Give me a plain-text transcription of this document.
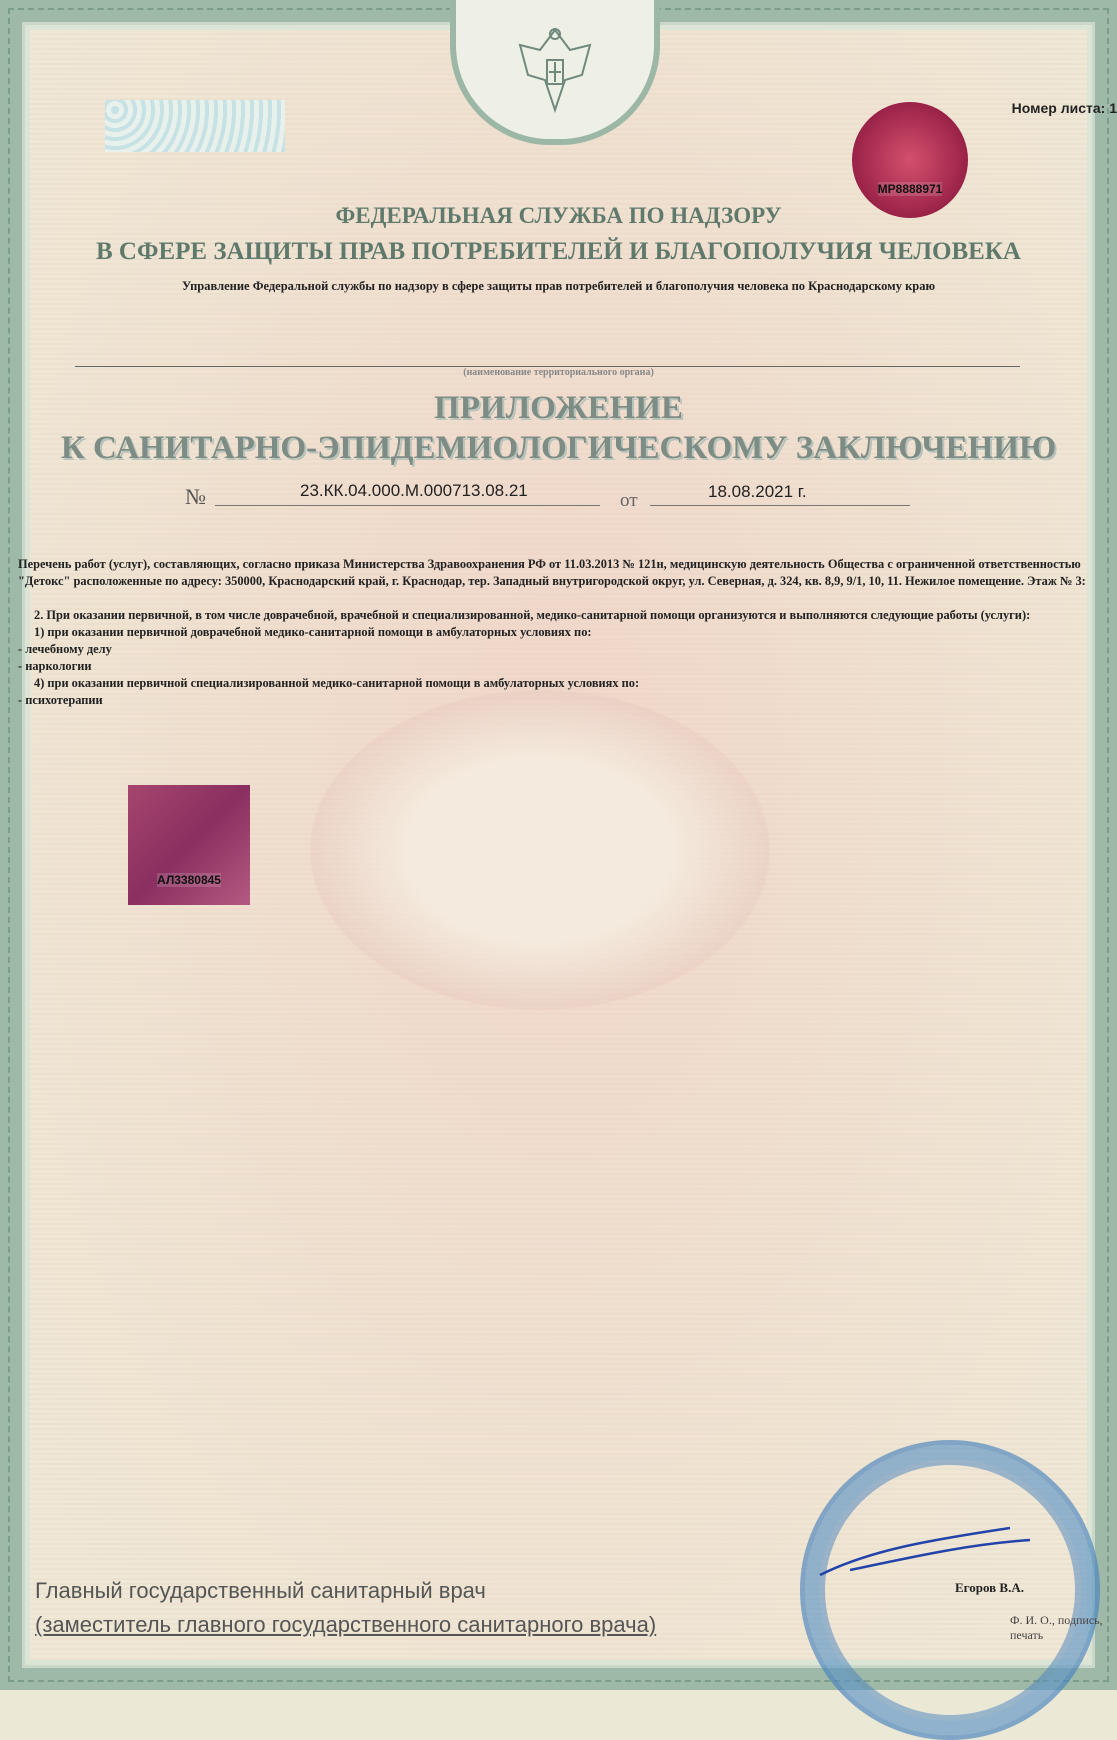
Номер листа: 1
MP8888971
ФЕДЕРАЛЬНАЯ СЛУЖБА ПО НАДЗОРУ
В СФЕРЕ ЗАЩИТЫ ПРАВ ПОТРЕБИТЕЛЕЙ И БЛАГОПОЛУЧИЯ ЧЕЛОВЕКА
Управление Федеральной службы по надзору в сфере защиты прав потребителей и благополучия человека по Краснодарскому краю
(наименование территориального органа)
ПРИЛОЖЕНИЕ
К САНИТАРНО-ЭПИДЕМИОЛОГИЧЕСКОМУ ЗАКЛЮЧЕНИЮ
№	23.КК.04.000.М.000713.08.21	от	18.08.2021 г.

Перечень работ (услуг), составляющих, согласно приказа Министерства Здравоохранения РФ от 11.03.2013 № 121н, медицинскую деятельность Общества с ограниченной ответственностью "Детокс" расположенные по адресу: 350000, Краснодарский край, г. Краснодар, тер. Западный внутригородской округ, ул. Северная, д. 324, кв. 8,9, 9/1, 10, 11. Нежилое помещение. Этаж № 3:

2. При оказании первичной, в том числе доврачебной, врачебной и специализированной, медико-санитарной помощи организуются и выполняются следующие работы (услуги):

1) при оказании первичной доврачебной медико-санитарной помощи в амбулаторных условиях по:

- лечебному делу

- наркологии

4) при оказании первичной специализированной медико-санитарной помощи в амбулаторных условиях по:

- психотерапии

АЛ3380845
Главный государственный санитарный врач
(заместитель главного государственного санитарного врача)
Егоров В.А.
Ф. И. О., подпись, печать
